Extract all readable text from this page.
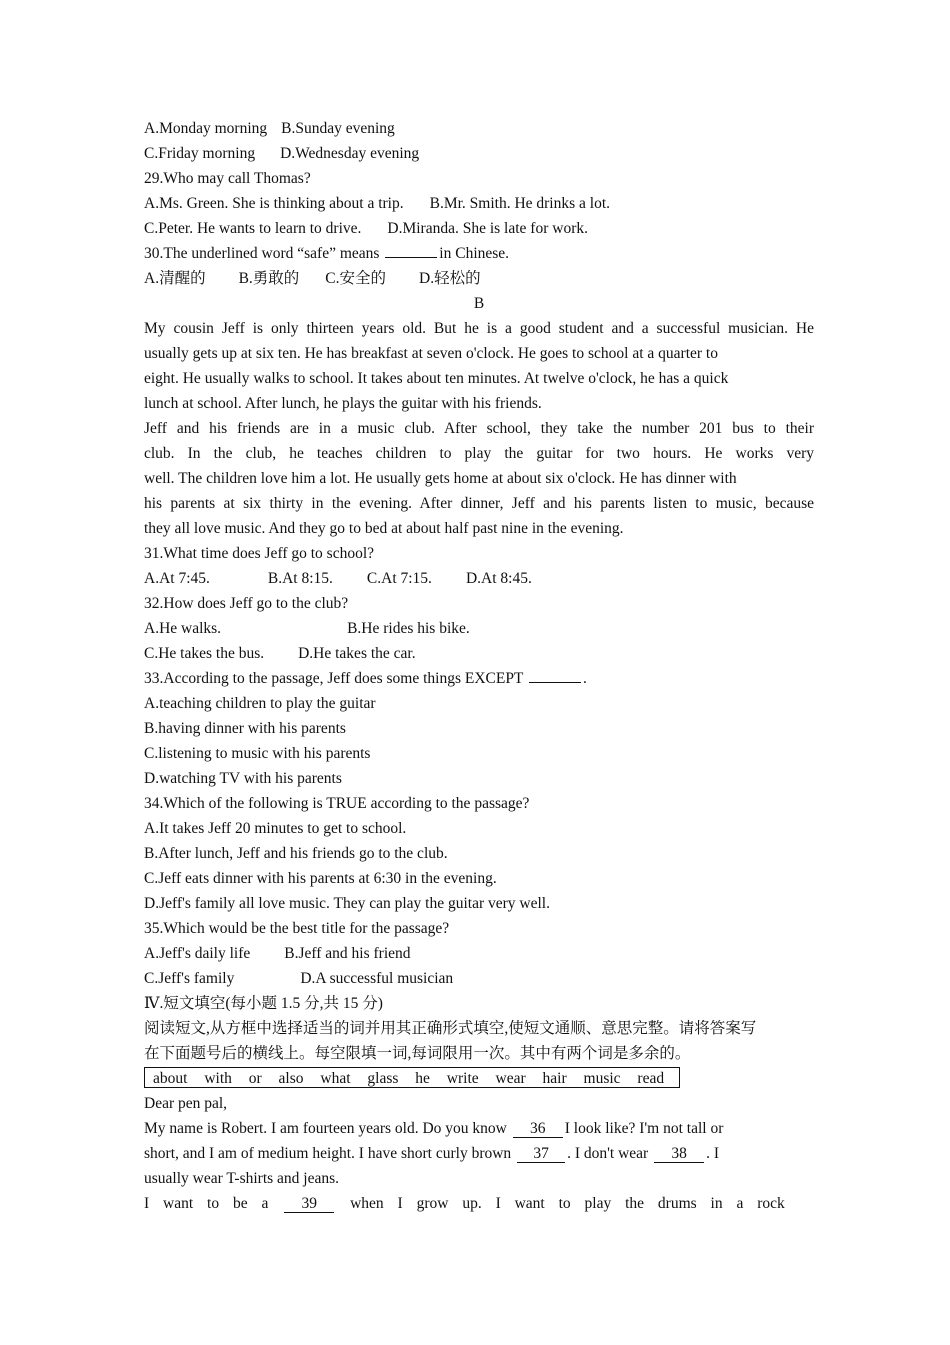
A.Monday morning B.Sunday evening
C.Friday morning D.Wednesday evening
29.Who may call Thomas?
A.Ms. Green. She is thinking about a trip. B.Mr. Smith. He drinks a lot.
C.Peter. He wants to learn to drive. D.Miranda. She is late for work.
30.The underlined word “safe” means	in Chinese.
A.清醒的 B.勇敢的 C.安全的 D.轻松的
B
My cousin Jeff is only thirteen years old. But he is a good student and a successful musician. He
usually gets up at six ten. He has breakfast at seven o'clock. He goes to school at a quarter to
eight. He usually walks to school. It takes about ten minutes. At twelve o'clock, he has a quick
lunch at school. After lunch, he plays the guitar with his friends.
Jeff and his friends are in a music club. After school, they take the number 201 bus to their
club. In the club, he teaches children to play the guitar for two hours. He works very
well. The children love him a lot. He usually gets home at about six o'clock. He has dinner with
his parents at six thirty in the evening. After dinner, Jeff and his parents listen to music, because
they all love music. And they go to bed at about half past nine in the evening.
31.What time does Jeff go to school?
A.At 7:45.	B.At 8:15. C.At 7:15. D.At 8:45.
32.How does Jeff go to the club?
A.He walks.	B.He rides his bike.
C.He takes the bus. D.He takes the car.
33.According to the passage, Jeff does some things EXCEPT	.
A.teaching children to play the guitar
B.having dinner with his parents
C.listening to music with his parents
D.watching TV with his parents
34.Which of the following is TRUE according to the passage?
A.It takes Jeff 20 minutes to get to school.
B.After lunch, Jeff and his friends go to the club.
C.Jeff eats dinner with his parents at 6:30 in the evening.
D.Jeff's family all love music. They can play the guitar very well.
35.Which would be the best title for the passage?
A.Jeff's daily life B.Jeff and his friend
C.Jeff's family	D.A successful musician
Ⅳ.短文填空(每小题 1.5 分,共 15 分)
阅读短文,从方框中选择适当的词并用其正确形式填空,使短文通顺、意思完整。请将答案写
在下面题号后的横线上。每空限填一词,每词限用一次。其中有两个词是多余的。
about with or also what glass he write wear hair music read
Dear pen pal,
My name is Robert. I am fourteen years old. Do you know 36 I look like? I'm not tall or
short, and I am of medium height. I have short curly brown 37 . I don't wear 38 . I
usually wear T-shirts and jeans.
I want to be a 39 when I grow up. I want to play the drums in a rock
